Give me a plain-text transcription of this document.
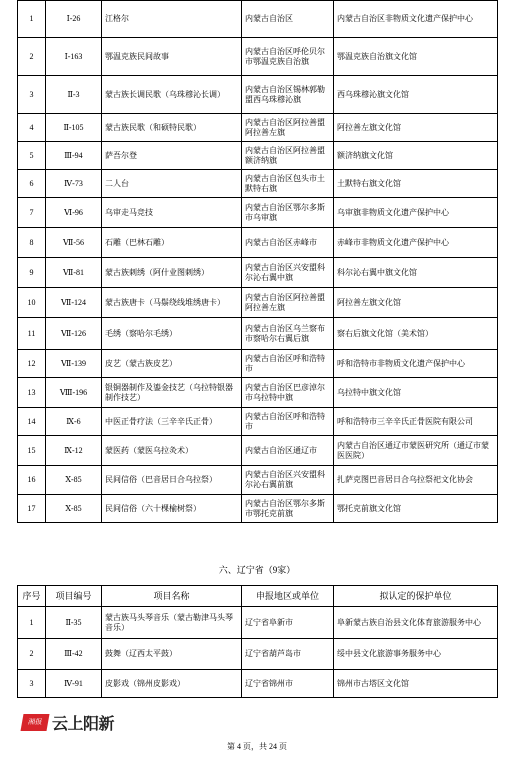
1	Ⅰ-26	江格尔	内蒙古自治区	内蒙古自治区非物质文化遗产保护中心
2	Ⅰ-163	鄂温克族民间故事	内蒙古自治区呼伦贝尔市鄂温克族自治旗	鄂温克族自治旗文化馆
3	Ⅱ-3	蒙古族长调民歌（乌珠穆沁长调）	内蒙古自治区锡林郭勒盟西乌珠穆沁旗	西乌珠穆沁旗文化馆
4	Ⅱ-105	蒙古族民歌（和硕特民歌）	内蒙古自治区阿拉善盟阿拉善左旗	阿拉善左旗文化馆
5	Ⅲ-94	萨吾尔登	内蒙古自治区阿拉善盟额济纳旗	额济纳旗文化馆
6	Ⅳ-73	二人台	内蒙古自治区包头市土默特右旗	土默特右旗文化馆
7	Ⅵ-96	乌审走马竞技	内蒙古自治区鄂尔多斯市乌审旗	乌审旗非物质文化遗产保护中心
8	Ⅶ-56	石雕（巴林石雕）	内蒙古自治区赤峰市	赤峰市非物质文化遗产保护中心
9	Ⅶ-81	蒙古族刺绣（阿什业图刺绣）	内蒙古自治区兴安盟科尔沁右翼中旗	科尔沁右翼中旗文化馆
10	Ⅶ-124	蒙古族唐卡（马鬃绕线堆绣唐卡）	内蒙古自治区阿拉善盟阿拉善左旗	阿拉善左旗文化馆
11	Ⅶ-126	毛绣（察哈尔毛绣）	内蒙古自治区乌兰察布市察哈尔右翼后旗	察右后旗文化馆（美术馆）
12	Ⅶ-139	皮艺（蒙古族皮艺）	内蒙古自治区呼和浩特市	呼和浩特市非物质文化遗产保护中心
13	Ⅷ-196	银铜器制作及鎏金技艺（乌拉特银器制作技艺）	内蒙古自治区巴彦淖尔市乌拉特中旗	乌拉特中旗文化馆
14	Ⅸ-6	中医正骨疗法（三辛辛氏正骨）	内蒙古自治区呼和浩特市	呼和浩特市三辛辛氏正骨医院有限公司
15	Ⅸ-12	蒙医药（蒙医乌拉灸术）	内蒙古自治区通辽市	内蒙古自治区通辽市蒙医研究所（通辽市蒙医医院）
16	Ⅹ-85	民间信俗（巴音居日合乌拉祭）	内蒙古自治区兴安盟科尔沁右翼前旗	扎萨克图巴音居日合乌拉祭祀文化协会
17	Ⅹ-85	民间信俗（六十棵榆树祭）	内蒙古自治区鄂尔多斯市鄂托克前旗	鄂托克前旗文化馆
六、辽宁省（9家）
序号	项目编号	项目名称	申报地区或单位	拟认定的保护单位
1	Ⅱ-35	蒙古族马头琴音乐（蒙古勒津马头琴音乐）	辽宁省阜新市	阜新蒙古族自治县文化体育旅游服务中心
2	Ⅲ-42	鼓舞（辽西太平鼓）	辽宁省葫芦岛市	绥中县文化旅游事务服务中心
3	Ⅳ-91	皮影戏（锦州皮影戏）	辽宁省锦州市	锦州市古塔区文化馆
湘报 云上阳新
第 4 页，共 24 页
